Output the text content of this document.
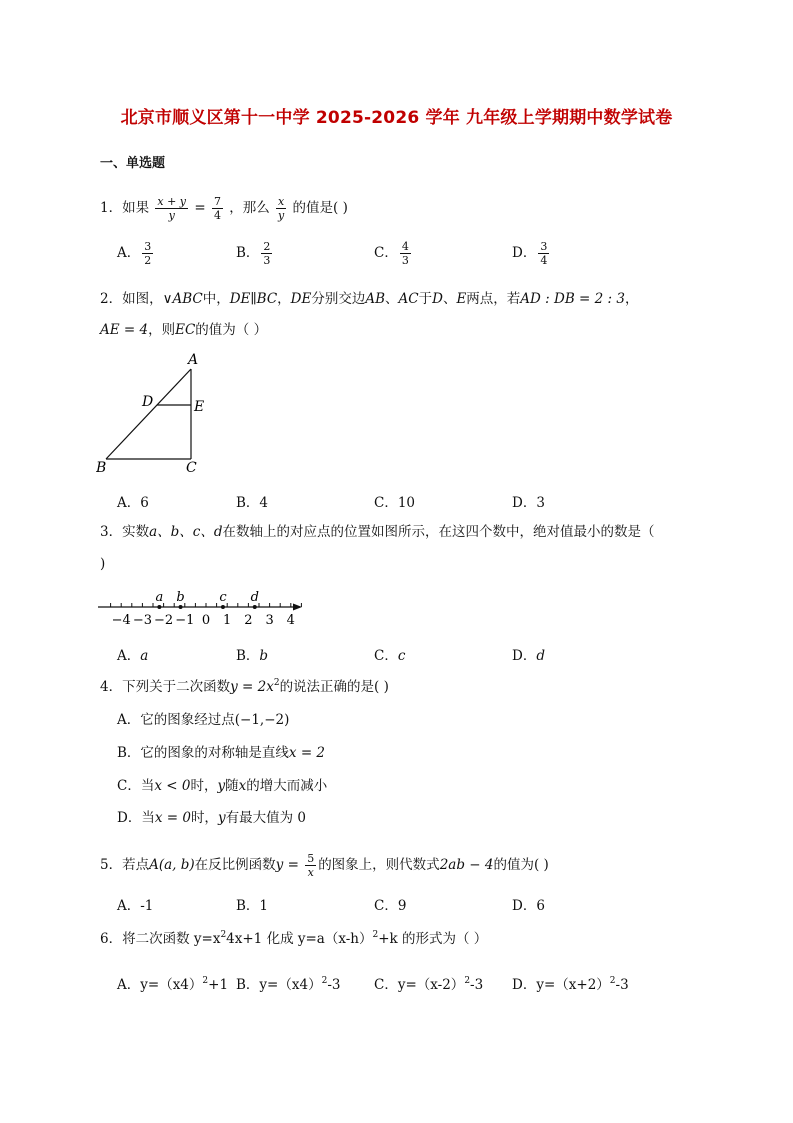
北京市顺义区第十一中学 2025-2026 学年 九年级上学期期中数学试卷
一、单选题
1．如果 $\frac{x + y}{y} = \frac{7}{4}$ ，那么 $\frac{x}{y}$ 的值是( )
A． $\frac{3}{2}$	B． $\frac{2}{3}$	C． $\frac{4}{3}$	D． $\frac{3}{4}$
2．如图，∨ABC中，DE∥BC，DE分别交边AB、AC于D、E两点，若AD : DB = 2 : 3，
AE = 4，则EC的值为（ ）
A
D	E
B	C
A．6	B．4	C．10	D．3
3．实数a、b、c、d在数轴上的对应点的位置如图所示，在这四个数中，绝对值最小的数是（
)
−4 −3 −2 −1 0 1 2 3 4
a b	c d
A．a	B．b	C．c	D．d
4．下列关于二次函数$y = 2x^2$的说法正确的是( )
A．它的图象经过点(−1,−2)
B．它的图象的对称轴是直线x = 2
C．当x < 0时，y随x的增大而减小
D．当x = 0时，y有最大值为 0
5．若点A(a, b)在反比例函数$y = \frac{5}{x}$ 的图象上，则代数式2ab − 4的值为( )
A．-1	B．1	C．9	D．6
6．将二次函数 $y=x^24x+1$ 化成 $y=a(x-h)^2+k$ 的形式为（ ）
A．$y=(x4)^2+1$ B．$y=(x4)^2-3$ C．$y=(x-2)^2-3$ D．$y=(x+2)^2-3$
